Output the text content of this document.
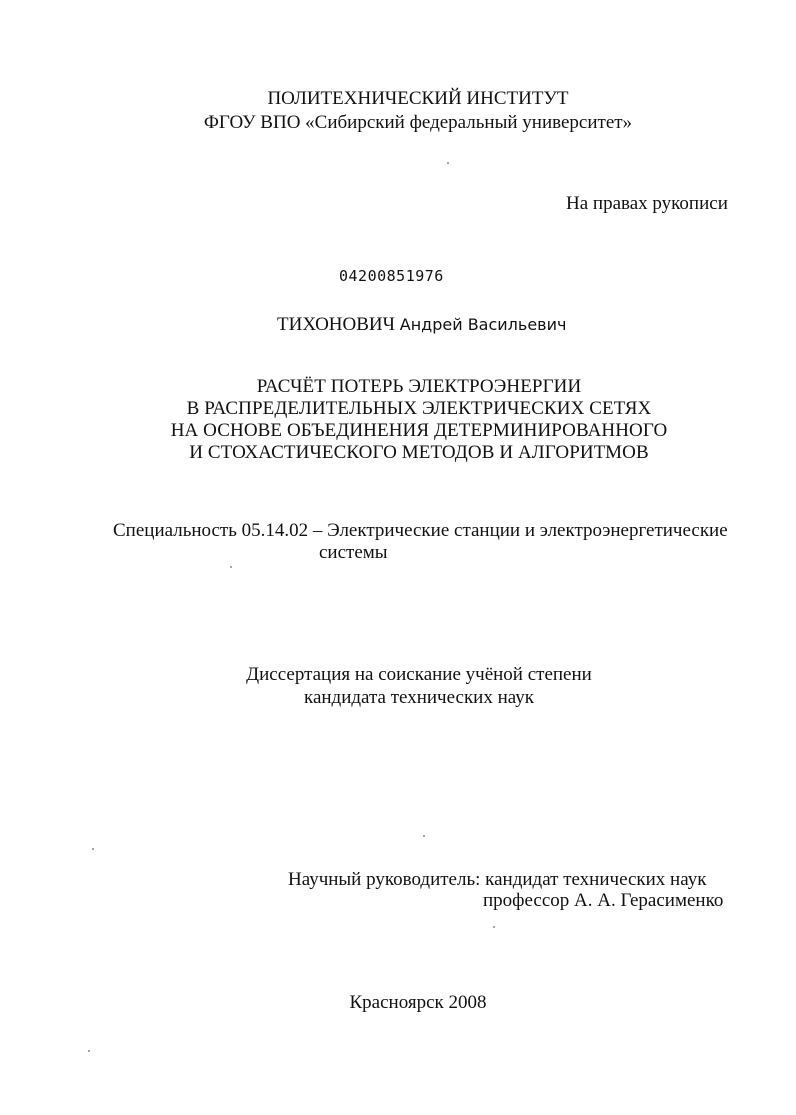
ПОЛИТЕХНИЧЕСКИЙ ИНСТИТУТ
ФГОУ ВПО «Сибирский федеральный университет»
На правах рукописи
04200851976
ТИХОНОВИЧ Андрей Васильевич
РАСЧЁТ ПОТЕРЬ ЭЛЕКТРОЭНЕРГИИ
В РАСПРЕДЕЛИТЕЛЬНЫХ ЭЛЕКТРИЧЕСКИХ СЕТЯХ
НА ОСНОВЕ ОБЪЕДИНЕНИЯ ДЕТЕРМИНИРОВАННОГО
И СТОХАСТИЧЕСКОГО МЕТОДОВ И АЛГОРИТМОВ
Специальность 05.14.02 – Электрические станции и электроэнергетические
системы
Диссертация на соискание учёной степени
кандидата технических наук
Научный руководитель: кандидат технических наук
профессор А. А. Герасименко
Красноярск 2008
